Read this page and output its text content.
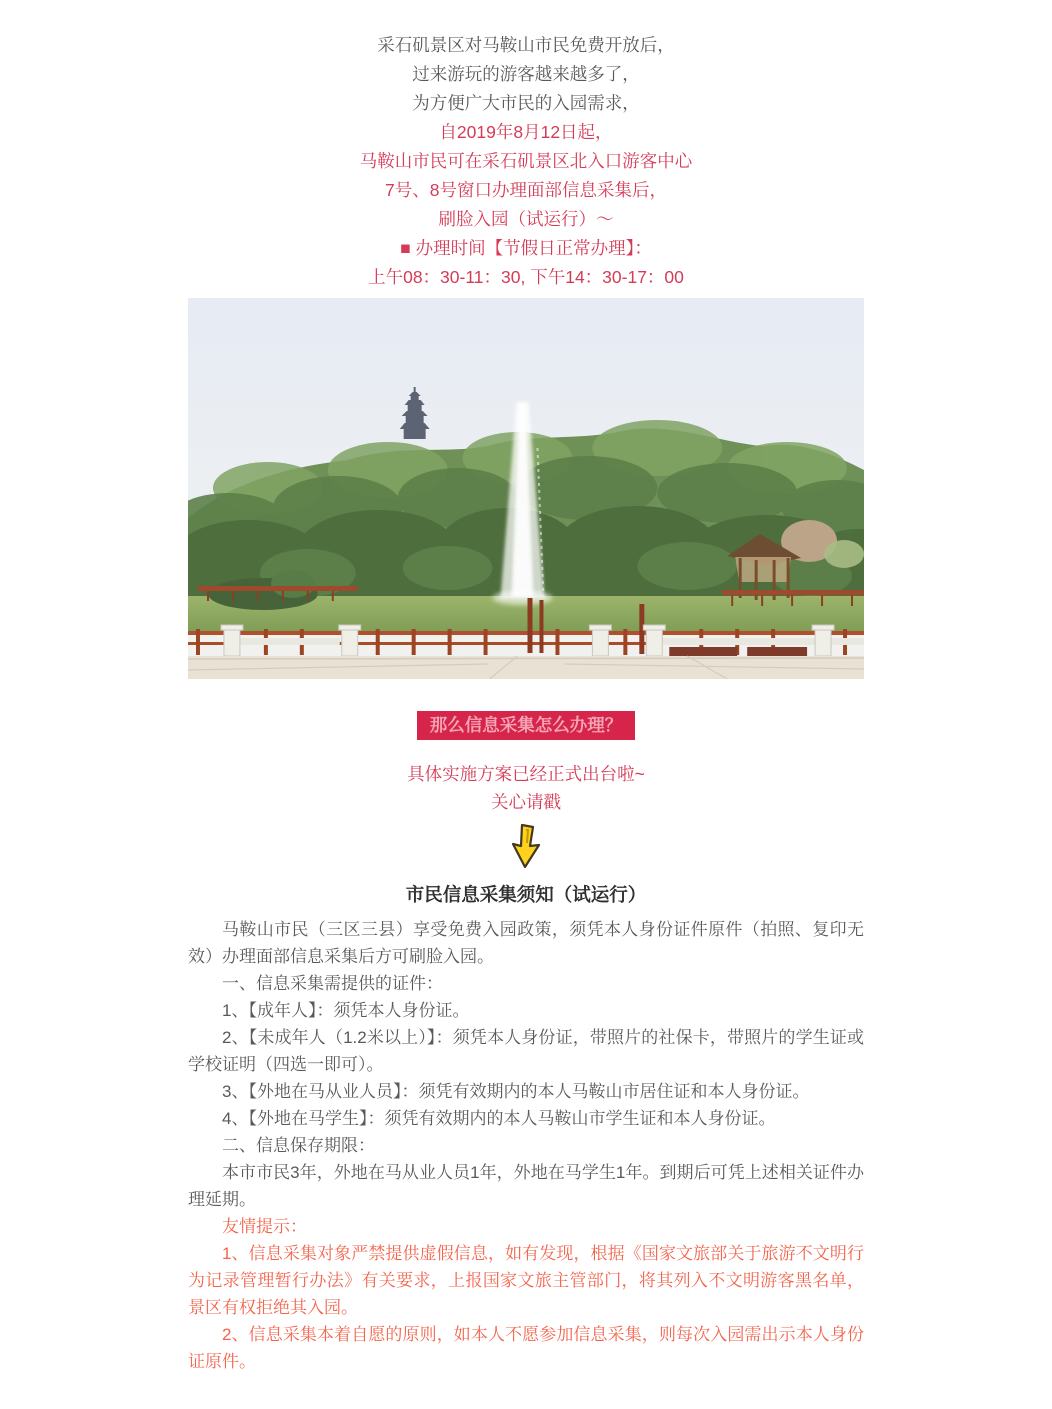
采石矶景区对马鞍山市民免费开放后，
过来游玩的游客越来越多了，
为方便广大市民的入园需求，
自2019年8月12日起，
马鞍山市民可在采石矶景区北入口游客中心
7号、8号窗口办理面部信息采集后，
刷脸入园（试运行）～
■ 办理时间【节假日正常办理】：
上午08：30-11：30, 下午14：30-17：00
那么信息采集怎么办理？
具体实施方案已经正式出台啦~
关心请戳
市民信息采集须知（试运行）

马鞍山市民（三区三县）享受免费入园政策，须凭本人身份证件原件（拍照、复印无效）办理面部信息采集后方可刷脸入园。

一、信息采集需提供的证件：

1、【成年人】：须凭本人身份证。

2、【未成年人（1.2米以上）】：须凭本人身份证，带照片的社保卡，带照片的学生证或学校证明（四选一即可）。

3、【外地在马从业人员】：须凭有效期内的本人马鞍山市居住证和本人身份证。

4、【外地在马学生】：须凭有效期内的本人马鞍山市学生证和本人身份证。

二、信息保存期限：

本市市民3年，外地在马从业人员1年，外地在马学生1年。到期后可凭上述相关证件办理延期。

友情提示：

1、信息采集对象严禁提供虚假信息，如有发现，根据《国家文旅部关于旅游不文明行为记录管理暂行办法》有关要求，上报国家文旅主管部门，将其列入不文明游客黑名单，景区有权拒绝其入园。

2、信息采集本着自愿的原则，如本人不愿参加信息采集，则每次入园需出示本人身份证原件。
